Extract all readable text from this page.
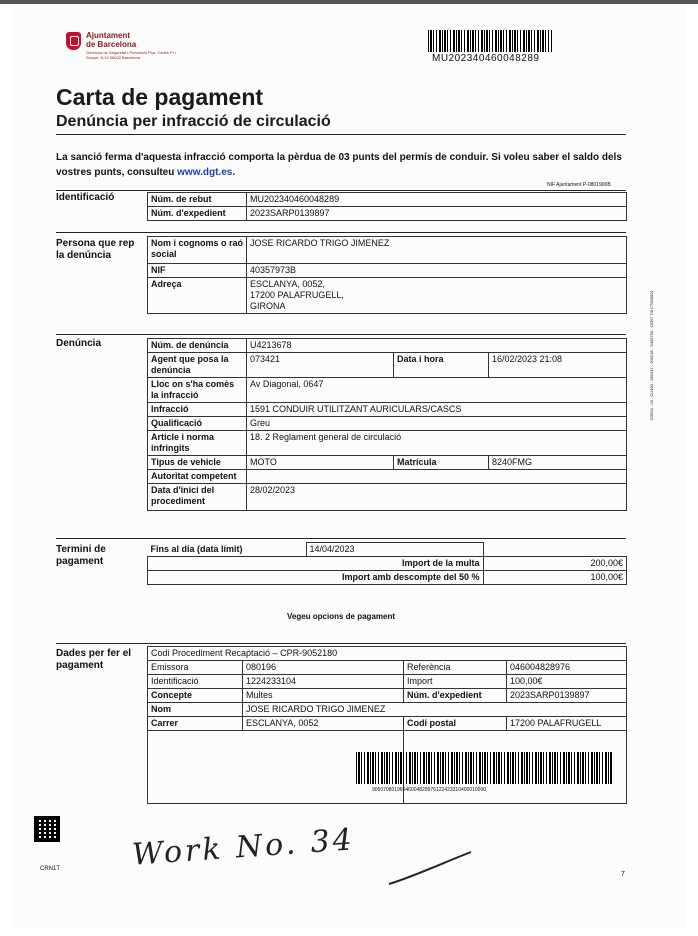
Ajuntament
de Barcelona
Gerència de Seguretat i Prevenció Pça. Carles Pi i Sunyer, 8-10 08002 Barcelona	MU202340460048289
Carta de pagament
Denúncia per infracció de circulació
La sanció ferma d'aquesta infracció comporta la pèrdua de 03 punts del permís de conduir. Si voleu saber el saldo dels vostres punts, consulteu www.dgt.es.
NIF Ajuntament P-0801900B
Identificació	Núm. de rebut	MU202340460048289
Núm. d'expedient	2023SARP0139897
Persona que rep la denúncia
Nom i cognoms o raó social	JOSE RICARDO TRIGO JIMENEZ
NIF	40357973B
Adreça	ESCLANYA, 0052,
17200 PALAFRUGELL,
GIRONA
Denúncia	Núm. de denúncia	U4213678		
Agent que posa la denúncia	073421	Data i hora	16/02/2023 21:08
Lloc on s'ha comès la infracció	Av Diagonal, 0647		
Infracció	1591 CONDUIR UTILITZANT AURICULARS/CASCS		
Qualificació	Greu		
Article i norma infringits	18. 2 Reglament general de circulació		
Tipus de vehicle	MOTO	Matrícula	8240FMG
Autoritat competent			
Data d'inici del procediment	28/02/2023		
Termini de pagament
Fins al dia (data límit)	14/04/2023	
Import de la multa		200,00€
Import amb descompte del 50 %		100,00€
Vegeu opcions de pagament
Dades per fer el pagament
Codi Procediment Recaptació – CPR-9052180			
Emissora	080196	Referència	046004828976
Identificació	1224233104	Import	100,00€
Concepte	Multes	Núm. d'expedient	2023SARP0139897
Nom	JOSE RICARDO TRIGO JIMENEZ		
Carrer	ESCLANYA, 0052	Codi postal	17200 PALAFRUGELL

90507080196046004828976122423310400010000
D3024 - 03 - CU490 - 061547 - 000218 - S405700 , CERT 7/8 CT800001
CRN1T
7
Work No. 34
